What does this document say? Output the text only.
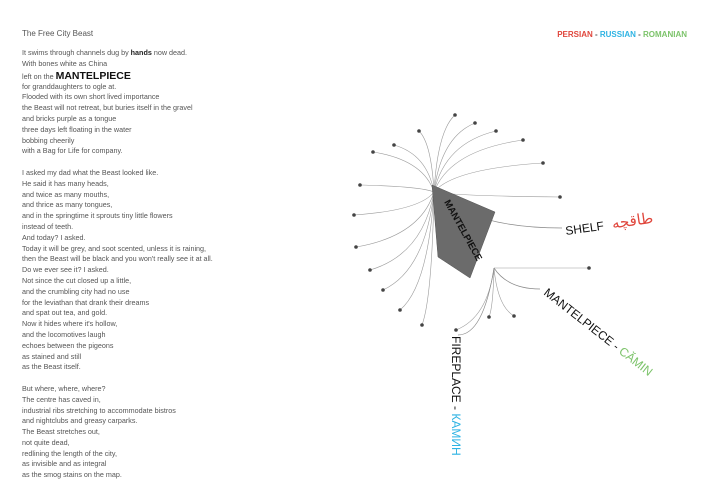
The Free City Beast	PERSIAN - RUSSIAN - ROMANIAN
It swims through channels dug by hands now dead.
With bones white as China
left on the MANTELPIECE
for granddaughters to ogle at.
Flooded with its own short lived importance
the Beast will not retreat, but buries itself in the gravel
and bricks purple as a tongue
three days left floating in the water
bobbing cheerily
with a Bag for Life for company.
I asked my dad what the Beast looked like.
He said it has many heads,
and twice as many mouths,
and thrice as many tongues,
and in the springtime it sprouts tiny little flowers
instead of teeth.
And today? I asked.
Today it will be grey, and soot scented, unless it is raining,
then the Beast will be black and you won't really see it at all.
Do we ever see it? I asked.
Not since the cut closed up a little,
and the crumbling city had no use
for the leviathan that drank their dreams
and spat out tea, and gold.
Now it hides where it's hollow,
and the locomotives laugh
echoes between the pigeons
as stained and still
as the Beast itself.
But where, where, where?
The centre has caved in,
industrial ribs stretching to accommodate bistros
and nightclubs and greasy carparks.
The Beast stretches out,
not quite dead,
redlining the length of the city,
as invisible and as integral
as the smog stains on the map.
MANTELPIECE	SHELF طاقچه
MANTELPIECE - CĂMIN
FIREPLACE - КАМИН
